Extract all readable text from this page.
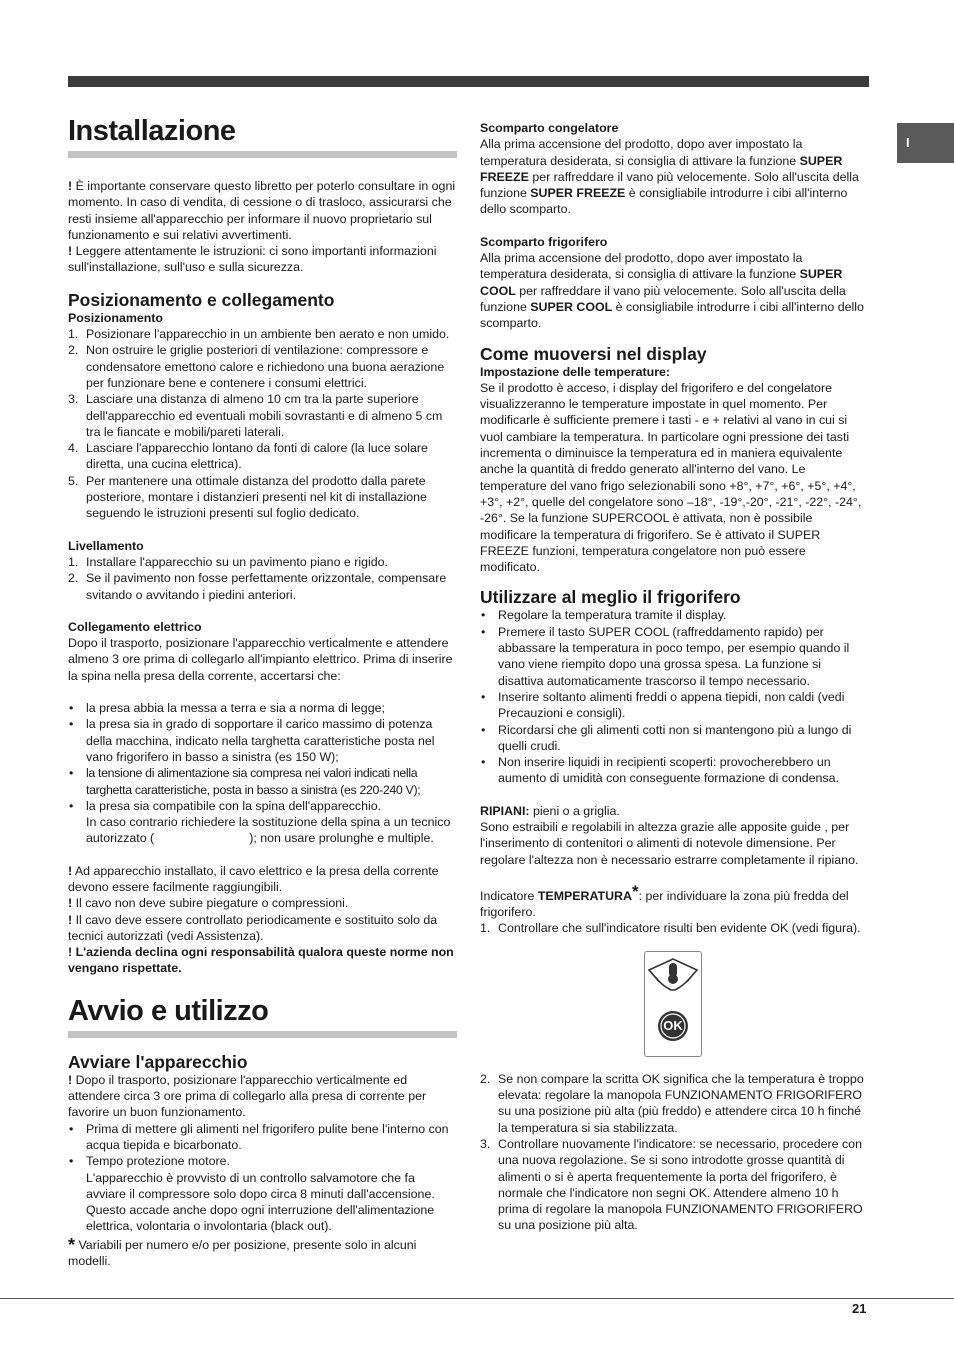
I
Installazione

! È importante conservare questo libretto per poterlo consultare in ogni momento. In caso di vendita, di cessione o di trasloco, assicurarsi che resti insieme all'apparecchio per informare il nuovo proprietario sul funzionamento e sui relativi avvertimenti.

! Leggere attentamente le istruzioni: ci sono importanti informazioni sull'installazione, sull'uso e sulla sicurezza.

Posizionamento e collegamento
Posizionamento
1. Posizionare l'apparecchio in un ambiente ben aerato e non umido.
2. Non ostruire le griglie posteriori di ventilazione: compressore e condensatore emettono calore e richiedono una buona aerazione per funzionare bene e contenere i consumi elettrici.
3. Lasciare una distanza di almeno 10 cm tra la parte superiore dell'apparecchio ed eventuali mobili sovrastanti e di almeno 5 cm tra le fiancate e mobili/pareti laterali.
4. Lasciare l'apparecchio lontano da fonti di calore (la luce solare diretta, una cucina elettrica).
5. Per mantenere una ottimale distanza del prodotto dalla parete posteriore, montare i distanzieri presenti nel kit di installazione seguendo le istruzioni presenti sul foglio dedicato.
Livellamento
1. Installare l'apparecchio su un pavimento piano e rigido.
2. Se il pavimento non fosse perfettamente orizzontale, compensare svitando o avvitando i piedini anteriori.
Collegamento elettrico

Dopo il trasporto, posizionare l'apparecchio verticalmente e attendere almeno 3 ore prima di collegarlo all'impianto elettrico. Prima di inserire la spina nella presa della corrente, accertarsi che:

• la presa abbia la messa a terra e sia a norma di legge;
• la presa sia in grado di sopportare il carico massimo di potenza della macchina, indicato nella targhetta caratteristiche posta nel vano frigorifero in basso a sinistra (es 150 W);
• la tensione di alimentazione sia compresa nei valori indicati nella targhetta caratteristiche, posta in basso a sinistra (es 220-240 V);
• la presa sia compatibile con la spina dell'apparecchio.

In caso contrario richiedere la sostituzione della spina a un tecnico autorizzato (	); non usare prolunghe e multiple.

! Ad apparecchio installato, il cavo elettrico e la presa della corrente devono essere facilmente raggiungibili.

! Il cavo non deve subire piegature o compressioni.

! Il cavo deve essere controllato periodicamente e sostituito solo da tecnici autorizzati (vedi Assistenza).

! L'azienda declina ogni responsabilità qualora queste norme non vengano rispettate.

Avvio e utilizzo
Avviare l'apparecchio

! Dopo il trasporto, posizionare l'apparecchio verticalmente ed attendere circa 3 ore prima di collegarlo alla presa di corrente per favorire un buon funzionamento.

• Prima di mettere gli alimenti nel frigorifero pulite bene l'interno con acqua tiepida e bicarbonato.
• Tempo protezione motore.

L'apparecchio è provvisto di un controllo salvamotore che fa avviare il compressore solo dopo circa 8 minuti dall'accensione. Questo accade anche dopo ogni interruzione dell'alimentazione elettrica, volontaria o involontaria (black out).

* Variabili per numero e/o per posizione, presente solo in alcuni modelli.

Scomparto congelatore

Alla prima accensione del prodotto, dopo aver impostato la temperatura desiderata, si consiglia di attivare la funzione SUPER FREEZE per raffreddare il vano più velocemente. Solo all'uscita della funzione SUPER FREEZE è consigliabile introdurre i cibi all'interno dello scomparto.

Scomparto frigorifero

Alla prima accensione del prodotto, dopo aver impostato la temperatura desiderata, si consiglia di attivare la funzione SUPER COOL per raffreddare il vano più velocemente. Solo all'uscita della funzione SUPER COOL è consigliabile introdurre i cibi all'interno dello scomparto.

Come muoversi nel display
Impostazione delle temperature:

Se il prodotto è acceso, i display del frigorifero e del congelatore visualizzeranno le temperature impostate in quel momento. Per modificarle è sufficiente premere i tasti - e + relativi al vano in cui si vuol cambiare la temperatura. In particolare ogni pressione dei tasti incrementa o diminuisce la temperatura ed in maniera equivalente anche la quantità di freddo generato all'interno del vano. Le temperature del vano frigo selezionabili sono +8°, +7°, +6°, +5°, +4°, +3°, +2°, quelle del congelatore sono –18°, -19°,-20°, -21°, -22°, -24°, -26°. Se la funzione SUPERCOOL è attivata, non è possibile modificare la temperatura di frigorifero. Se è attivato il SUPER FREEZE funzioni, temperatura congelatore non può essere modificato.

Utilizzare al meglio il frigorifero
• Regolare la temperatura tramite il display.
• Premere il tasto SUPER COOL (raffreddamento rapido) per abbassare la temperatura in poco tempo, per esempio quando il vano viene riempito dopo una grossa spesa. La funzione si disattiva automaticamente trascorso il tempo necessario.
• Inserire soltanto alimenti freddi o appena tiepidi, non caldi (vedi Precauzioni e consigli).
• Ricordarsi che gli alimenti cotti non si mantengono più a lungo di quelli crudi.
• Non inserire liquidi in recipienti scoperti: provocherebbero un aumento di umidità con conseguente formazione di condensa.

RIPIANI: pieni o a griglia.

Sono estraibili e regolabili in altezza grazie alle apposite guide , per l'inserimento di contenitori o alimenti di notevole dimensione. Per regolare l'altezza non è necessario estrarre completamente il ripiano.

Indicatore TEMPERATURA*: per individuare la zona più fredda del frigorifero.

1. Controllare che sull'indicatore risulti ben evidente OK (vedi figura).
OK
2. Se non compare la scritta OK significa che la temperatura è troppo elevata: regolare la manopola FUNZIONAMENTO FRIGORIFERO su una posizione più alta (più freddo) e attendere circa 10 h finché la temperatura si sia stabilizzata.
3. Controllare nuovamente l'indicatore: se necessario, procedere con una nuova regolazione. Se si sono introdotte grosse quantità di alimenti o si è aperta frequentemente la porta del frigorifero, è normale che l'indicatore non segni OK. Attendere almeno 10 h prima di regolare la manopola FUNZIONAMENTO FRIGORIFERO su una posizione più alta.
21
